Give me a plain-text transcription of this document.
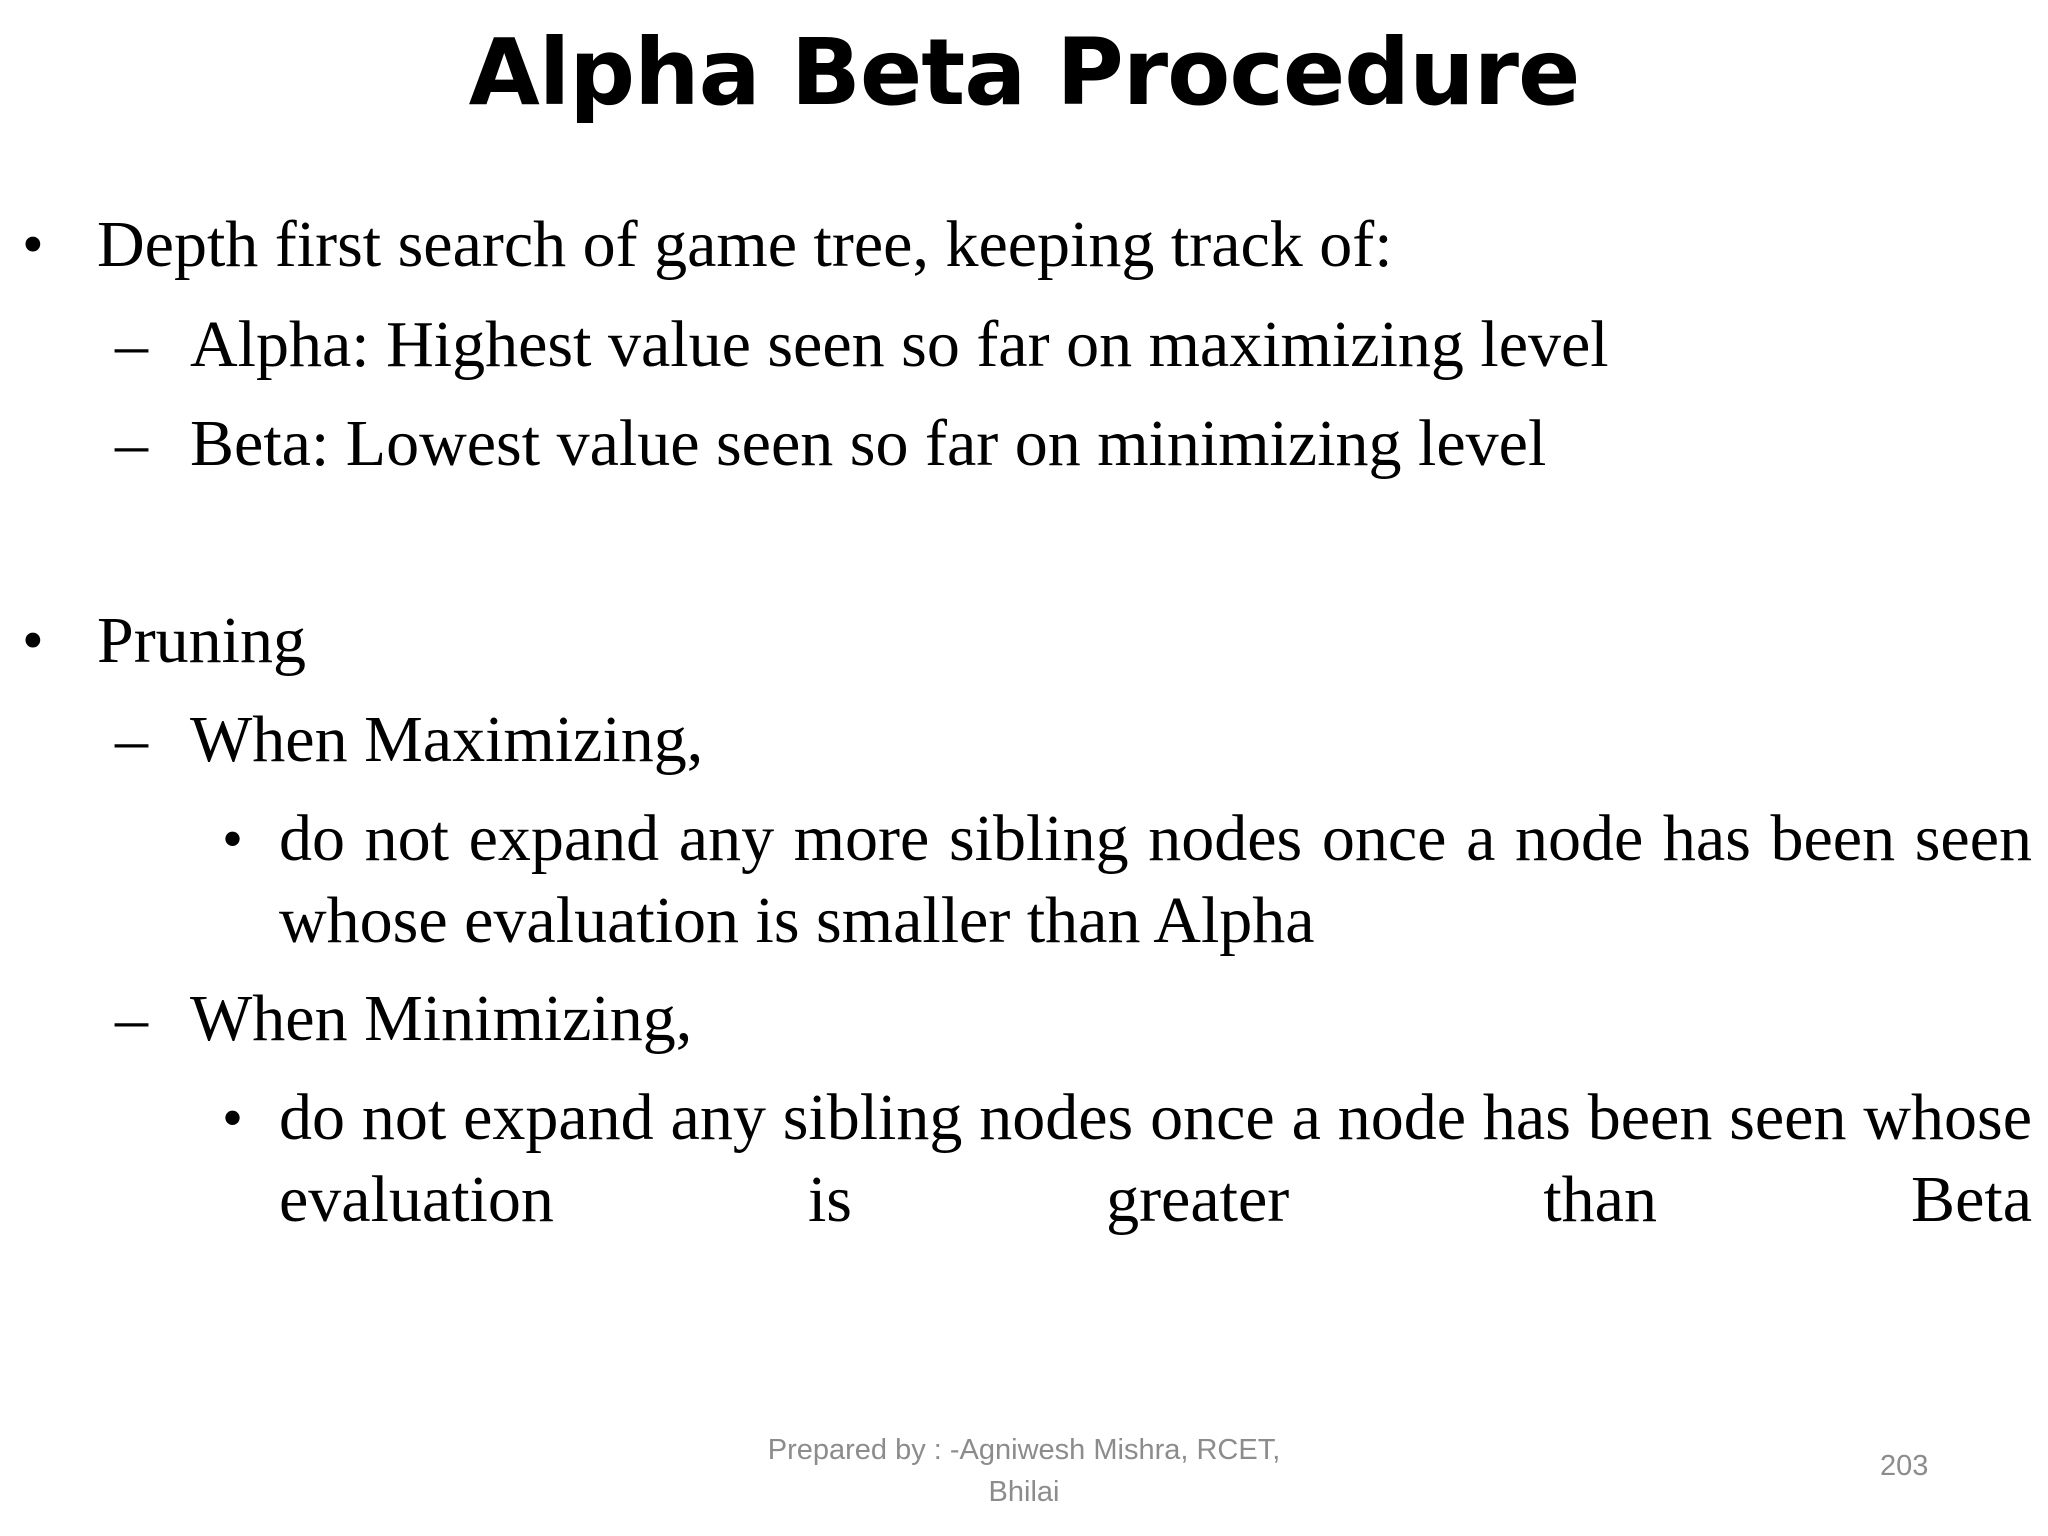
Alpha Beta Procedure
• Depth first search of game tree, keeping track of:
– Alpha: Highest value seen so far on maximizing level
– Beta: Lowest value seen so far on minimizing level
• Pruning
– When Maximizing,
• do not expand any more sibling nodes once a node has been seen whose evaluation is smaller than Alpha
– When Minimizing,
• do not expand any sibling nodes once a node has been seen whose evaluation is greater than Beta
Prepared by : -Agniwesh Mishra, RCET,
Bhilai
203
